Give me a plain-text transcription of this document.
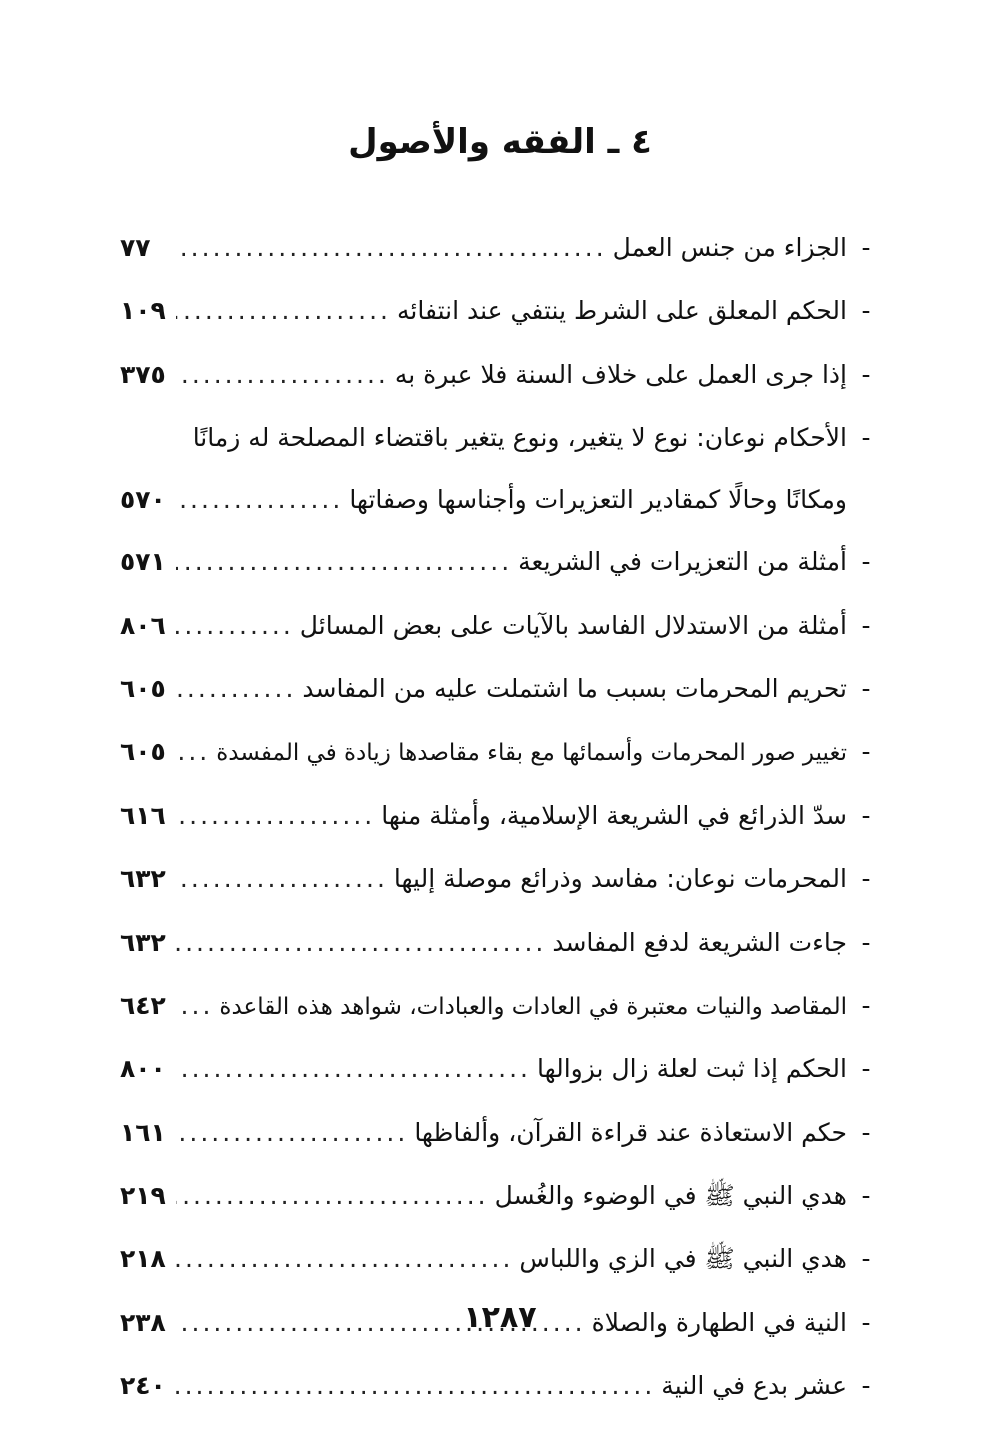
٤ ـ الفقه والأصول
-
الجزاء من جنس العمل
.....
٧٧
-
الحكم المعلق على الشرط ينتفي عند انتفائه
.....
١٠٩
-
إذا جرى العمل على خلاف السنة فلا عبرة به
.....
٣٧٥
-
الأحكام نوعان: نوع لا يتغير، ونوع يتغير باقتضاء المصلحة له زمانًا
ومكانًا وحالًا كمقادير التعزيرات وأجناسها وصفاتها
.....
٥٧٠
-
أمثلة من التعزيرات في الشريعة
.....
٥٧١
-
أمثلة من الاستدلال الفاسد بالآيات على بعض المسائل
.....
٨٠٦
-
تحريم المحرمات بسبب ما اشتملت عليه من المفاسد
.....
٦٠٥
-
تغيير صور المحرمات وأسمائها مع بقاء مقاصدها زيادة في المفسدة
.....
٦٠٥
-
سدّ الذرائع في الشريعة الإسلامية، وأمثلة منها
.....
٦١٦
-
المحرمات نوعان: مفاسد وذرائع موصلة إليها
.....
٦٣٢
-
جاءت الشريعة لدفع المفاسد
.....
٦٣٢
-
المقاصد والنيات معتبرة في العادات والعبادات، شواهد هذه القاعدة
.....
٦٤٢
-
الحكم إذا ثبت لعلة زال بزوالها
.....
٨٠٠
-
حكم الاستعاذة عند قراءة القرآن، وألفاظها
.....
١٦١
-
هدي النبي ﷺ في الوضوء والغُسل
.....
٢١٩
-
هدي النبي ﷺ في الزي واللباس
.....
٢١٨
-
النية في الطهارة والصلاة
.....
٢٣٨
-
عشر بدع في النية
.....
٢٤٠
١٢٨٧
